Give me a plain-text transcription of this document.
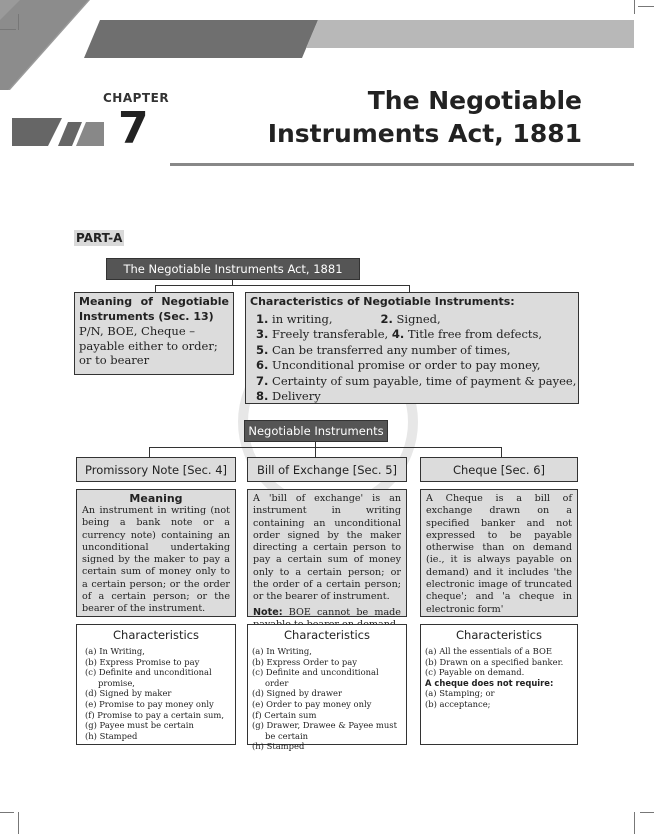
CHAPTER
7
The Negotiable
Instruments Act, 1881
PART-A
The Negotiable Instruments Act, 1881
Meaning of Negotiable Instruments (Sec. 13)
P/N, BOE, Cheque – payable either to order; or to bearer
Characteristics of Negotiable Instruments:
1. in writing,	2. Signed,
3. Freely transferable, 4. Title free from defects,
5. Can be transferred any number of times,
6. Unconditional promise or order to pay money,
7. Certainty of sum payable, time of payment & payee,
8. Delivery
Negotiable Instruments
Promissory Note [Sec. 4]	Bill of Exchange [Sec. 5]	Cheque [Sec. 6]
Meaning
An instrument in writing (not being a bank note or a currency note) containing an unconditional undertaking signed by the maker to pay a certain sum of money only to a certain person; or the order of a certain person; or the bearer of the instrument.
A 'bill of exchange' is an instrument in writing containing an unconditional order signed by the maker directing a certain person to pay a certain sum of money only to a certain person; or the order of a certain person; or the bearer of instrument.
Note: BOE cannot be made
A Cheque is a bill of exchange drawn on a specified banker and not expressed to be payable otherwise than on demand (ie., it is always payable on demand) and it includes 'the electronic image of truncated cheque'; and 'a cheque in electronic form'
Characteristics
(a) In Writing,
(b) Express Promise to pay
(c) Definite and unconditional promise,
(d) Signed by maker
(e) Promise to pay money only
(f) Promise to pay a certain sum,
(g) Payee must be certain
(h) Stamped
Characteristics
(a) In Writing,
(b) Express Order to pay
(c) Definite and unconditional order
(d) Signed by drawer
(e) Order to pay money only
(f) Certain sum
(g) Drawer, Drawee & Payee must be certain
(h) Stamped
Characteristics
(a) All the essentials of a BOE
(b) Drawn on a specified banker.
(c) Payable on demand.
A cheque does not require:
(a) Stamping; or
(b) acceptance;
